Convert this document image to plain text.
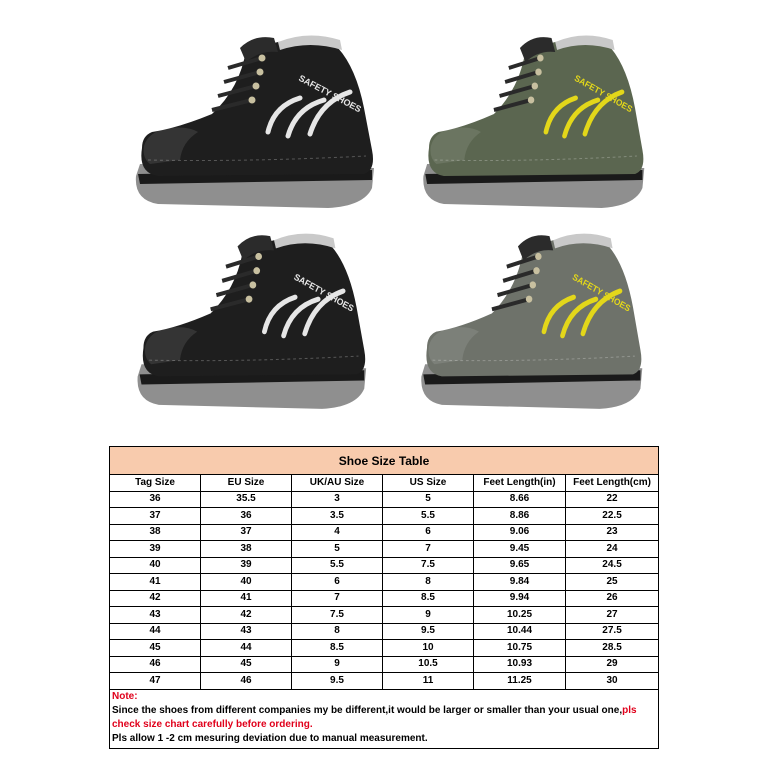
SAFETY SHOES	SAFETY SHOES
SAFETY SHOES	SAFETY SHOES
Shoe Size Table					
Tag Size	EU Size	UK/AU Size	US Size	Feet Length(in)	Feet Length(cm)
36	35.5	3	5	8.66	22
37	36	3.5	5.5	8.86	22.5
38	37	4	6	9.06	23
39	38	5	7	9.45	24
40	39	5.5	7.5	9.65	24.5
41	40	6	8	9.84	25
42	41	7	8.5	9.94	26
43	42	7.5	9	10.25	27
44	43	8	9.5	10.44	27.5
45	44	8.5	10	10.75	28.5
46	45	9	10.5	10.93	29
47	46	9.5	11	11.25	30

Note:
Since the shoes from different companies my be different,it would be larger or smaller than your usual one,pls check size chart carefully before ordering.
Pls allow 1 -2 cm mesuring deviation due to manual measurement.					
